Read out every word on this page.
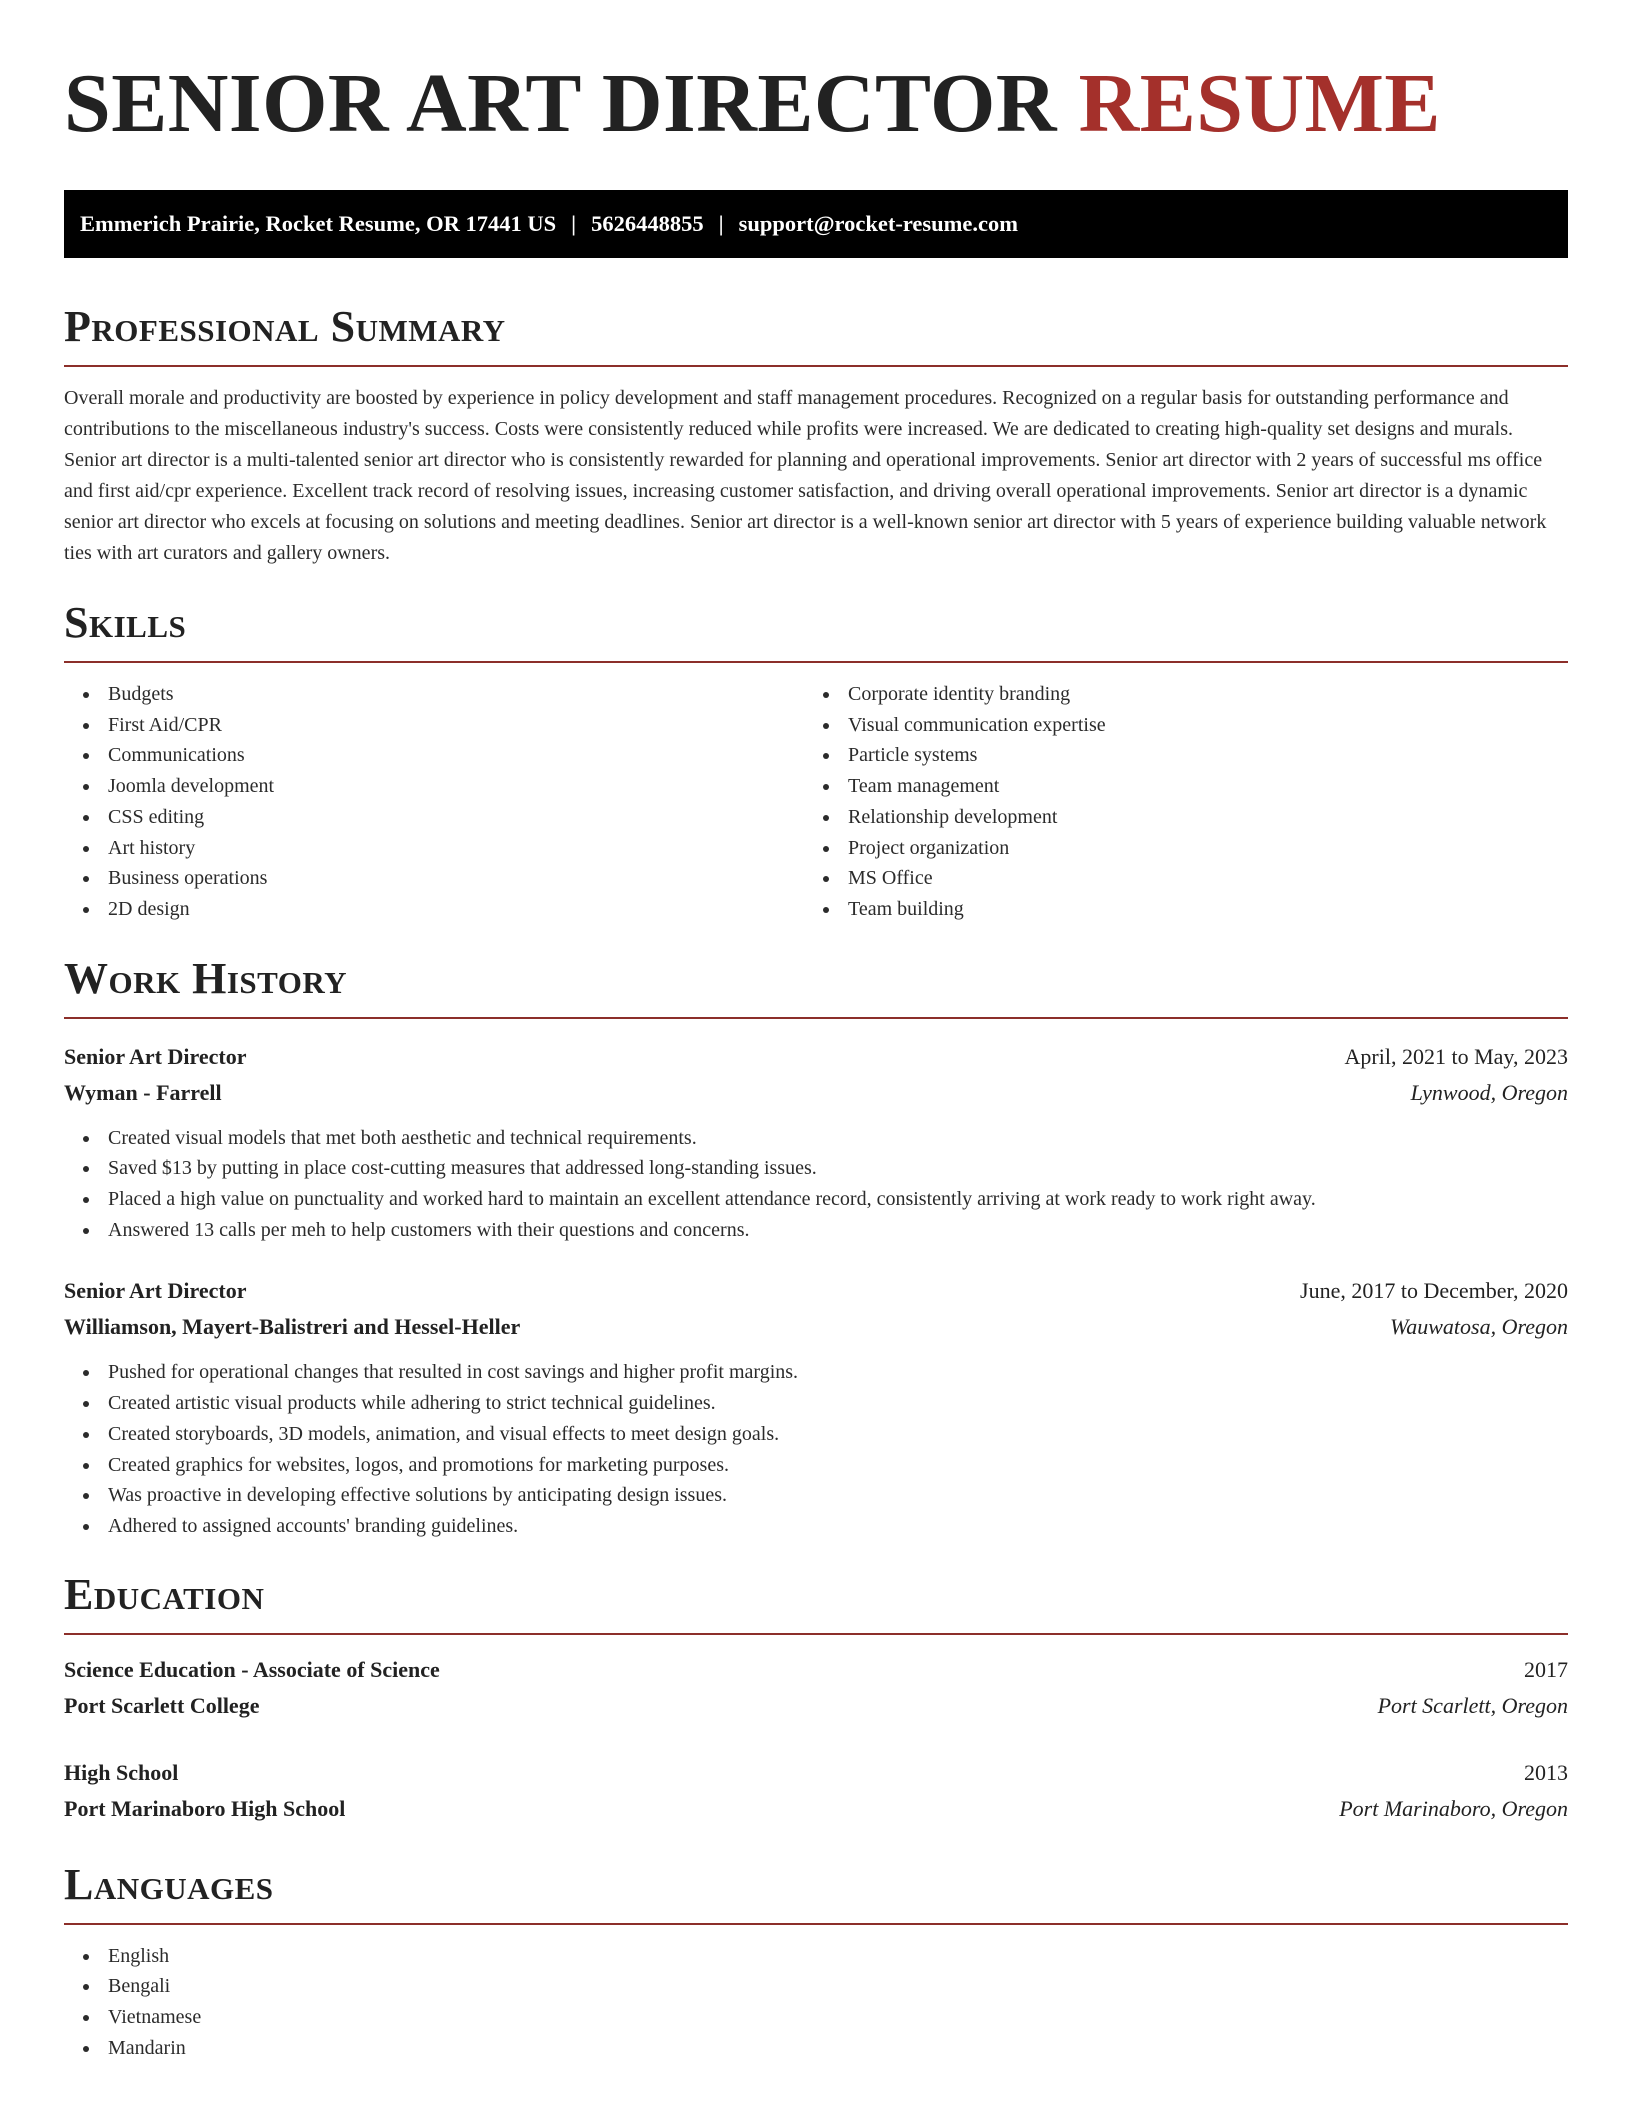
SENIOR ART DIRECTOR RESUME
Emmerich Prairie, Rocket Resume, OR 17441 US | 5626448855 | support@rocket-resume.com
Professional Summary

Overall morale and productivity are boosted by experience in policy development and staff management procedures. Recognized on a regular basis for outstanding performance and contributions to the miscellaneous industry's success. Costs were consistently reduced while profits were increased. We are dedicated to creating high-quality set designs and murals. Senior art director is a multi-talented senior art director who is consistently rewarded for planning and operational improvements. Senior art director with 2 years of successful ms office and first aid/cpr experience. Excellent track record of resolving issues, increasing customer satisfaction, and driving overall operational improvements. Senior art director is a dynamic senior art director who excels at focusing on solutions and meeting deadlines. Senior art director is a well-known senior art director with 5 years of experience building valuable network ties with art curators and gallery owners.

Skills
Budgets
First Aid/CPR
Communications
Joomla development
CSS editing
Art history
Business operations
2D design
Corporate identity branding
Visual communication expertise
Particle systems
Team management
Relationship development
Project organization
MS Office
Team building
Work History
Senior Art Director	April, 2021 to May, 2023
Wyman - Farrell	Lynwood, Oregon
Created visual models that met both aesthetic and technical requirements.
Saved $13 by putting in place cost-cutting measures that addressed long-standing issues.
Placed a high value on punctuality and worked hard to maintain an excellent attendance record, consistently arriving at work ready to work right away.
Answered 13 calls per meh to help customers with their questions and concerns.
Senior Art Director	June, 2017 to December, 2020
Williamson, Mayert-Balistreri and Hessel-Heller	Wauwatosa, Oregon
Pushed for operational changes that resulted in cost savings and higher profit margins.
Created artistic visual products while adhering to strict technical guidelines.
Created storyboards, 3D models, animation, and visual effects to meet design goals.
Created graphics for websites, logos, and promotions for marketing purposes.
Was proactive in developing effective solutions by anticipating design issues.
Adhered to assigned accounts' branding guidelines.
Education
Science Education - Associate of Science	2017
Port Scarlett College	Port Scarlett, Oregon
High School	2013
Port Marinaboro High School	Port Marinaboro, Oregon
Languages
English
Bengali
Vietnamese
Mandarin
